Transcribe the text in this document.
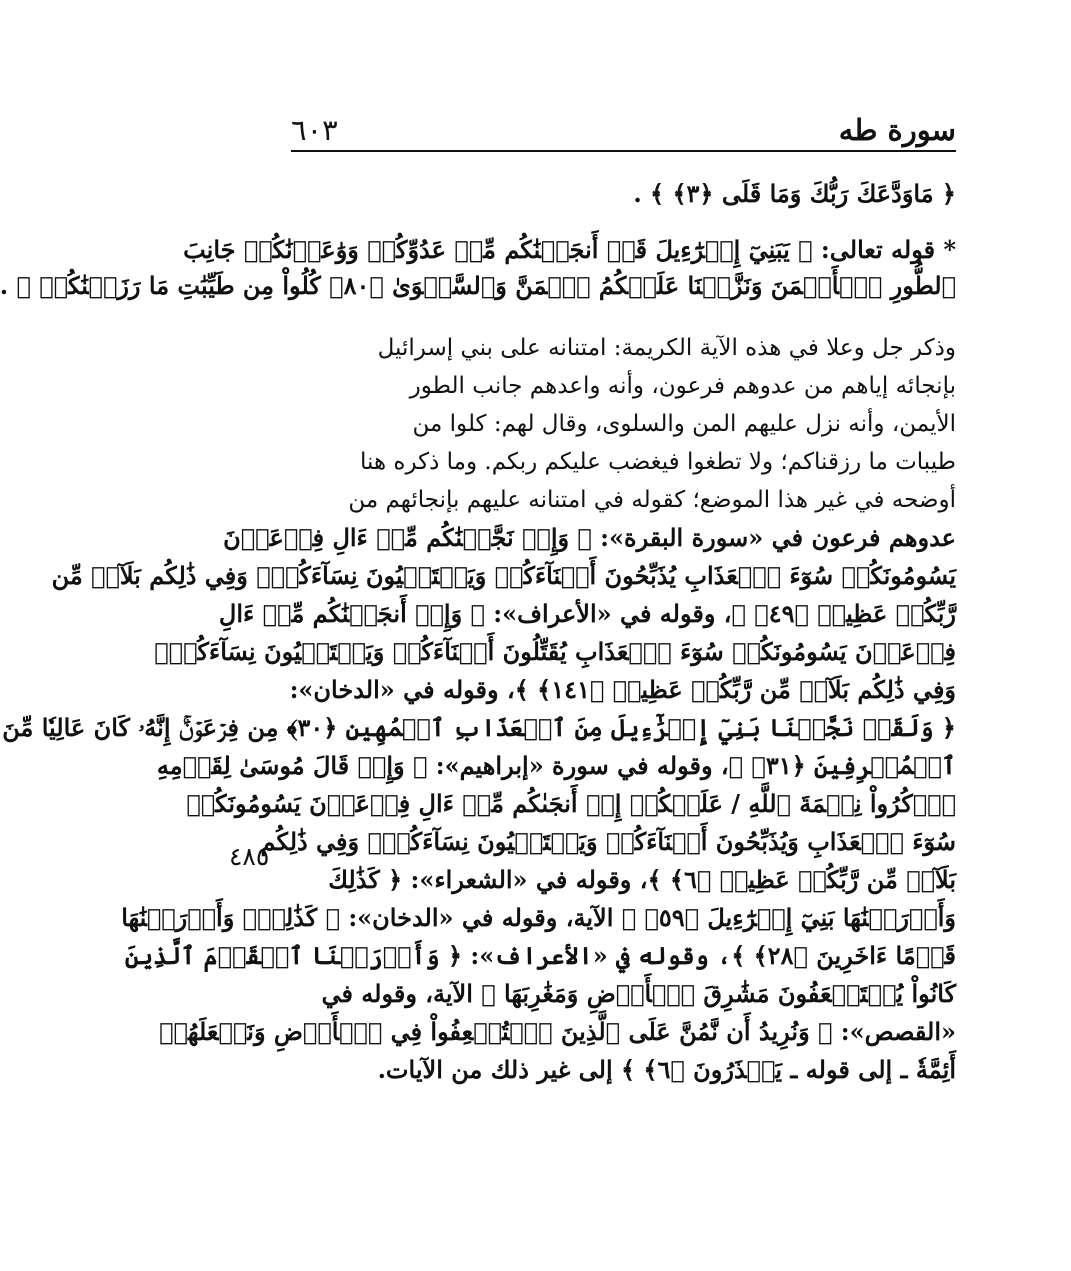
سورة طه
٦٠٣
٤٨٥
﴿ مَاوَدَّعَكَ رَبُّكَ وَمَا قَلَى ﴿٣﴾ ﴾ .
* قوله تعالى: ﴿ يَبَنِيٓ إِسۡرَٰٓءِيلَ قَدۡ أَنجَيۡنَٰكُم مِّنۡ عَدُوِّكُمۡ وَوَٰعَدۡنَٰكُمۡ جَانِبَ
ٱلطُّورِ ٱلۡأَيۡمَنَ وَنَزَّلۡنَا عَلَيۡكُمُ ٱلۡمَنَّ وَٱلسَّلۡوَىٰ ﴿٨٠﴾ كُلُواْ مِن طَيِّبَٰتِ مَا رَزَقۡنَٰكُمۡ ﴾ .
وذكر جل وعلا في هذه الآية الكريمة: امتنانه على بني إسرائيل
بإنجائه إياهم من عدوهم فرعون، وأنه واعدهم جانب الطور
الأيمن، وأنه نزل عليهم المن والسلوى، وقال لهم: كلوا من
طيبات ما رزقناكم؛ ولا تطغوا فيغضب عليكم ربكم. وما ذكره هنا
أوضحه في غير هذا الموضع؛ كقوله في امتنانه عليهم بإنجائهم من
عدوهم فرعون في «سورة البقرة»: ﴿ وَإِذۡ نَجَّيۡنَٰكُم مِّنۡ ءَالِ فِرۡعَوۡنَ
يَسُومُونَكُمۡ سُوٓءَ ٱلۡعَذَابِ يُذَبِّحُونَ أَبۡنَآءَكُمۡ وَيَسۡتَحۡيُونَ نِسَآءَكُمۡۚ وَفِي ذَٰلِكُم بَلَآءٞ مِّن
رَّبِّكُمۡ عَظِيمٞ ﴿٤٩﴾ ﴾، وقوله في «الأعراف»: ﴿ وَإِذۡ أَنجَيۡنَٰكُم مِّنۡ ءَالِ
فِرۡعَوۡنَ يَسُومُونَكُمۡ سُوٓءَ ٱلۡعَذَابِ يُقَتِّلُونَ أَبۡنَآءَكُمۡ وَيَسۡتَحۡيُونَ نِسَآءَكُمۡۚ
وَفِي ذَٰلِكُم بَلَآءٞ مِّن رَّبِّكُمۡ عَظِيمٞ ﴿١٤١﴾ ﴾، وقوله في «الدخان»:
﴿ وَلَقَدۡ نَجَّيۡنَا بَنِيٓ إِسۡرَٰٓءِيلَ مِنَ ٱلۡعَذَابِ ٱلۡمُهِينِ ﴿٣٠﴾ مِن فِرۡعَوۡنَۚ إِنَّهُۥ كَانَ عَالِيٗا مِّنَ
ٱلۡمُسۡرِفِينَ ﴿٣١﴾ ﴾، وقوله في سورة «إبراهيم»: ﴿ وَإِذۡ قَالَ مُوسَىٰ لِقَوۡمِهِ
ٱذۡكُرُواْ نِعۡمَةَ ٱللَّهِ / عَلَيۡكُمۡ إِذۡ أَنجَىٰكُم مِّنۡ ءَالِ فِرۡعَوۡنَ يَسُومُونَكُمۡ
سُوٓءَ ٱلۡعَذَابِ وَيُذَبِّحُونَ أَبۡنَآءَكُمۡ وَيَسۡتَحۡيُونَ نِسَآءَكُمۡۚ وَفِي ذَٰلِكُم
بَلَآءٞ مِّن رَّبِّكُمۡ عَظِيمٞ ﴿٦﴾ ﴾، وقوله في «الشعراء»: ﴿ كَذَٰلِكَ
وَأَوۡرَثۡنَٰهَا بَنِيٓ إِسۡرَٰٓءِيلَ ﴿٥٩﴾ ﴾ الآية، وقوله في «الدخان»: ﴿ كَذَٰلِكَۖ وَأَوۡرَثۡنَٰهَا
قَوۡمًا ءَاخَرِينَ ﴿٢٨﴾ ﴾، وقوله في «الأعراف»: ﴿ وَأَوۡرَثۡنَا ٱلۡقَوۡمَ ٱلَّذِينَ
كَانُواْ يُسۡتَضۡعَفُونَ مَشَٰرِقَ ٱلۡأَرۡضِ وَمَغَٰرِبَهَا ﴾ الآية، وقوله في
«القصص»: ﴿ وَنُرِيدُ أَن نَّمُنَّ عَلَى ٱلَّذِينَ ٱسۡتُضۡعِفُواْ فِي ٱلۡأَرۡضِ وَنَجۡعَلَهُمۡ
أَئِمَّةٗ ـ إلى قوله ـ يَحۡذَرُونَ ﴿٦﴾ ﴾ إلى غير ذلك من الآيات.
